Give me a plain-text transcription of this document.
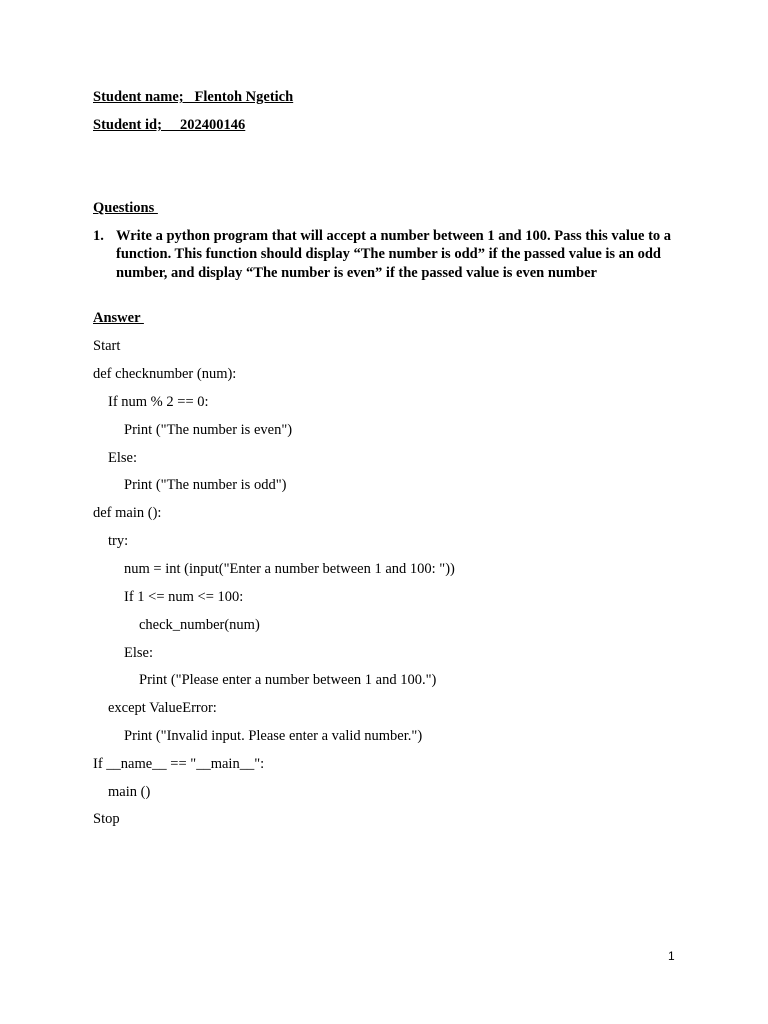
Student name;   Flentoh Ngetich
Student id;     202400146
Questions
1. Write a python program that will accept a number between 1 and 100. Pass this value to a function. This function should display “The number is odd” if the passed value is an odd number, and display “The number is even” if the passed value is even number
Answer
Start
def checknumber (num):
If num % 2 == 0:
Print ("The number is even")
Else:
Print ("The number is odd")
def main ():
try:
num = int (input("Enter a number between 1 and 100: "))
If 1 <= num <= 100:
check_number(num)
Else:
Print ("Please enter a number between 1 and 100.")
except ValueError:
Print ("Invalid input. Please enter a valid number.")
If __name__ == "__main__":
main ()
Stop
1
